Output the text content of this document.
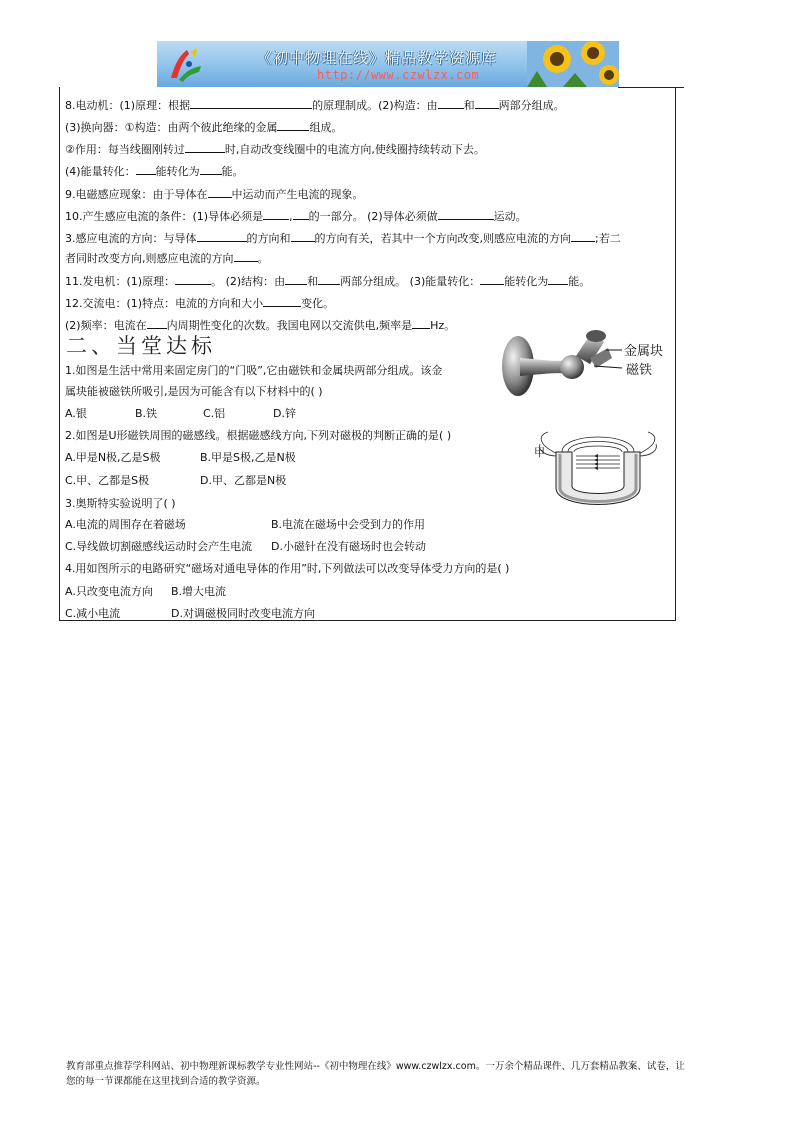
《初中物理在线》精品教学资源库
http://www.czwlzx.com
8.电动机：(1)原理：根据	的原理制成。(2)构造：由 和 两部分组成。
(3)换向器：①构造：由两个彼此绝缘的金属	组成。
②作用：每当线圈刚转过	时,自动改变线圈中的电流方向,使线圈持续转动下去。
(4)能量转化： 能转化为 能。
9.电磁感应现象：由于导体在 中运动而产生电流的现象。
10.产生感应电流的条件：(1)导体必须是 , 的一部分。 (2)导体必须做	运动。
3.感应电流的方向：与导体	的方向和 的方向有关，若其中一个方向改变,则感应电流的方向 ;若二
者同时改变方向,则感应电流的方向 。
11.发电机：(1)原理：	。 (2)结构：由 和 两部分组成。 (3)能量转化： 能转化为 能。
12.交流电：(1)特点：电流的方向和大小	变化。
(2)频率：电流在 内周期性变化的次数。我国电网以交流供电,频率是 Hz。
二、当堂达标	金属块
磁铁
1.如图是生活中常用来固定房门的“门吸”,它由磁铁和金属块两部分组成。该金
属块能被磁铁所吸引,是因为可能含有以下材料中的( )
A.银	B.铁	C.铝	D.锌
甲
2.如图是U形磁铁周围的磁感线。根据磁感线方向,下列对磁极的判断正确的是( )
A.甲是N极,乙是S极	B.甲是S极,乙是N极
C.甲、乙都是S极	D.甲、乙都是N极
3.奥斯特实验说明了( )
A.电流的周围存在着磁场	B.电流在磁场中会受到力的作用
C.导线做切割磁感线运动时会产生电流 D.小磁针在没有磁场时也会转动
4.用如图所示的电路研究“磁场对通电导体的作用”时,下列做法可以改变导体受力方向的是( )
A.只改变电流方向 B.增大电流
C.减小电流	D.对调磁极同时改变电流方向
教育部重点推荐学科网站、初中物理新课标教学专业性网站--《初中物理在线》www.czwlzx.com。一万余个精品课件、几万套精品教案、试卷，让
您的每一节课都能在这里找到合适的教学资源。
